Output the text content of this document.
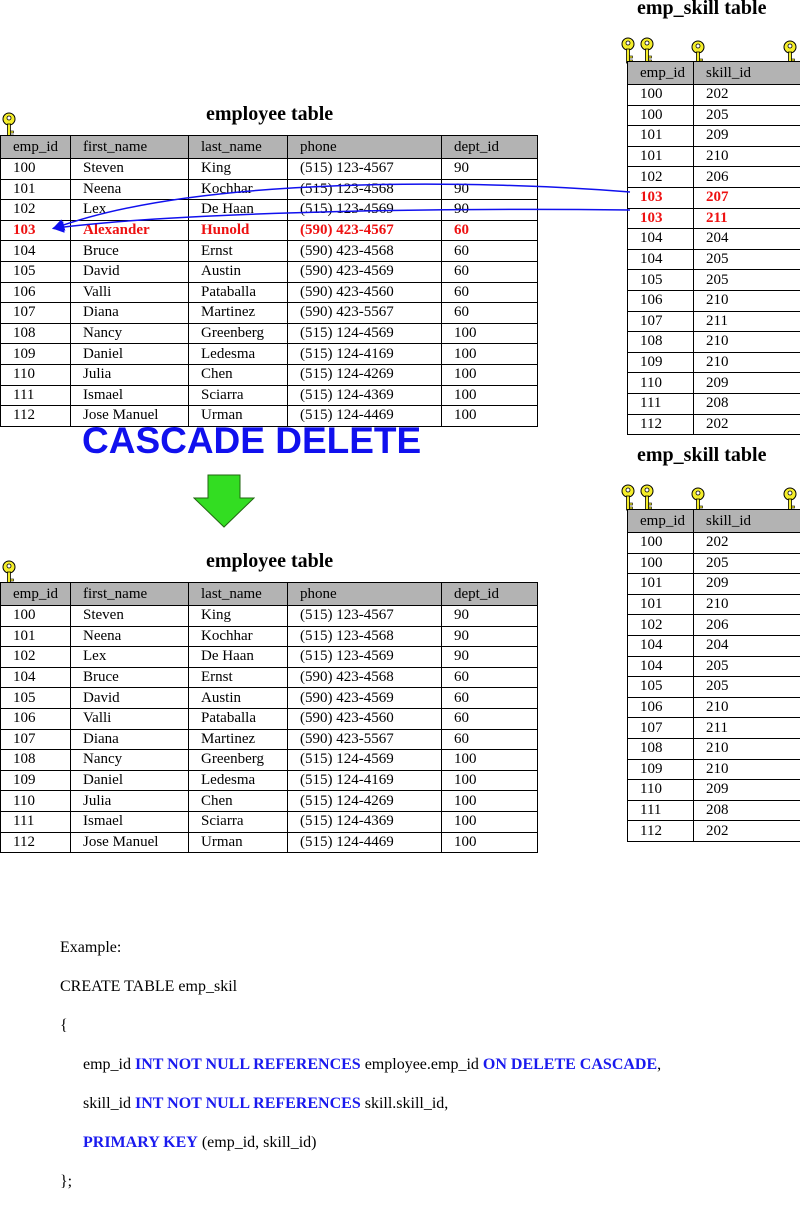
employee table
emp_skill table
emp_id	first_name	last_name	phone	dept_id
100	Steven	King	(515) 123-4567	90
101	Neena	Kochhar	(515) 123-4568	90
102	Lex	De Haan	(515) 123-4569	90
103	Alexander	Hunold	(590) 423-4567	60
104	Bruce	Ernst	(590) 423-4568	60
105	David	Austin	(590) 423-4569	60
106	Valli	Pataballa	(590) 423-4560	60
107	Diana	Martinez	(590) 423-5567	60
108	Nancy	Greenberg	(515) 124-4569	100
109	Daniel	Ledesma	(515) 124-4169	100
110	Julia	Chen	(515) 124-4269	100
111	Ismael	Sciarra	(515) 124-4369	100
112	Jose Manuel	Urman	(515) 124-4469	100
emp_id	skill_id
100	202
100	205
101	209
101	210
102	206
103	207
103	211
104	204
104	205
105	205
106	210
107	211
108	210
109	210
110	209
111	208
112	202
CASCADE DELETE
employee table
emp_skill table
emp_id	first_name	last_name	phone	dept_id
100	Steven	King	(515) 123-4567	90
101	Neena	Kochhar	(515) 123-4568	90
102	Lex	De Haan	(515) 123-4569	90
104	Bruce	Ernst	(590) 423-4568	60
105	David	Austin	(590) 423-4569	60
106	Valli	Pataballa	(590) 423-4560	60
107	Diana	Martinez	(590) 423-5567	60
108	Nancy	Greenberg	(515) 124-4569	100
109	Daniel	Ledesma	(515) 124-4169	100
110	Julia	Chen	(515) 124-4269	100
111	Ismael	Sciarra	(515) 124-4369	100
112	Jose Manuel	Urman	(515) 124-4469	100
emp_id	skill_id
100	202
100	205
101	209
101	210
102	206
104	204
104	205
105	205
106	210
107	211
108	210
109	210
110	209
111	208
112	202

Example:

CREATE TABLE emp_skil

{

emp_id INT NOT NULL REFERENCES employee.emp_id ON DELETE CASCADE,

skill_id INT NOT NULL REFERENCES skill.skill_id,

PRIMARY KEY (emp_id, skill_id)

};
